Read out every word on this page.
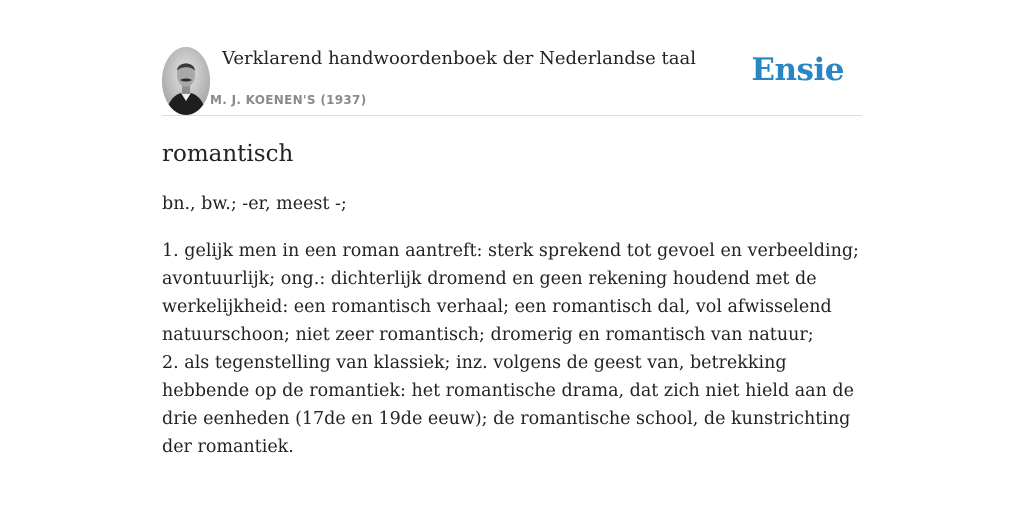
Verklarend handwoordenboek der Nederlandse taal
M. J. KOENEN'S (1937)
Ensie
romantisch

bn., bw.; -er, meest -;

1. gelijk men in een roman aantreft: sterk sprekend tot gevoel en verbeelding; avontuurlijk; ong.: dichterlijk dromend en geen rekening houdend met de werkelijkheid: een romantisch verhaal; een romantisch dal, vol afwisselend natuurschoon; niet zeer romantisch; dromerig en romantisch van natuur;
2. als tegenstelling van klassiek; inz. volgens de geest van, betrekking hebbende op de romantiek: het romantische drama, dat zich niet hield aan de drie eenheden (17de en 19de eeuw); de romantische school, de kunstrichting der romantiek.
